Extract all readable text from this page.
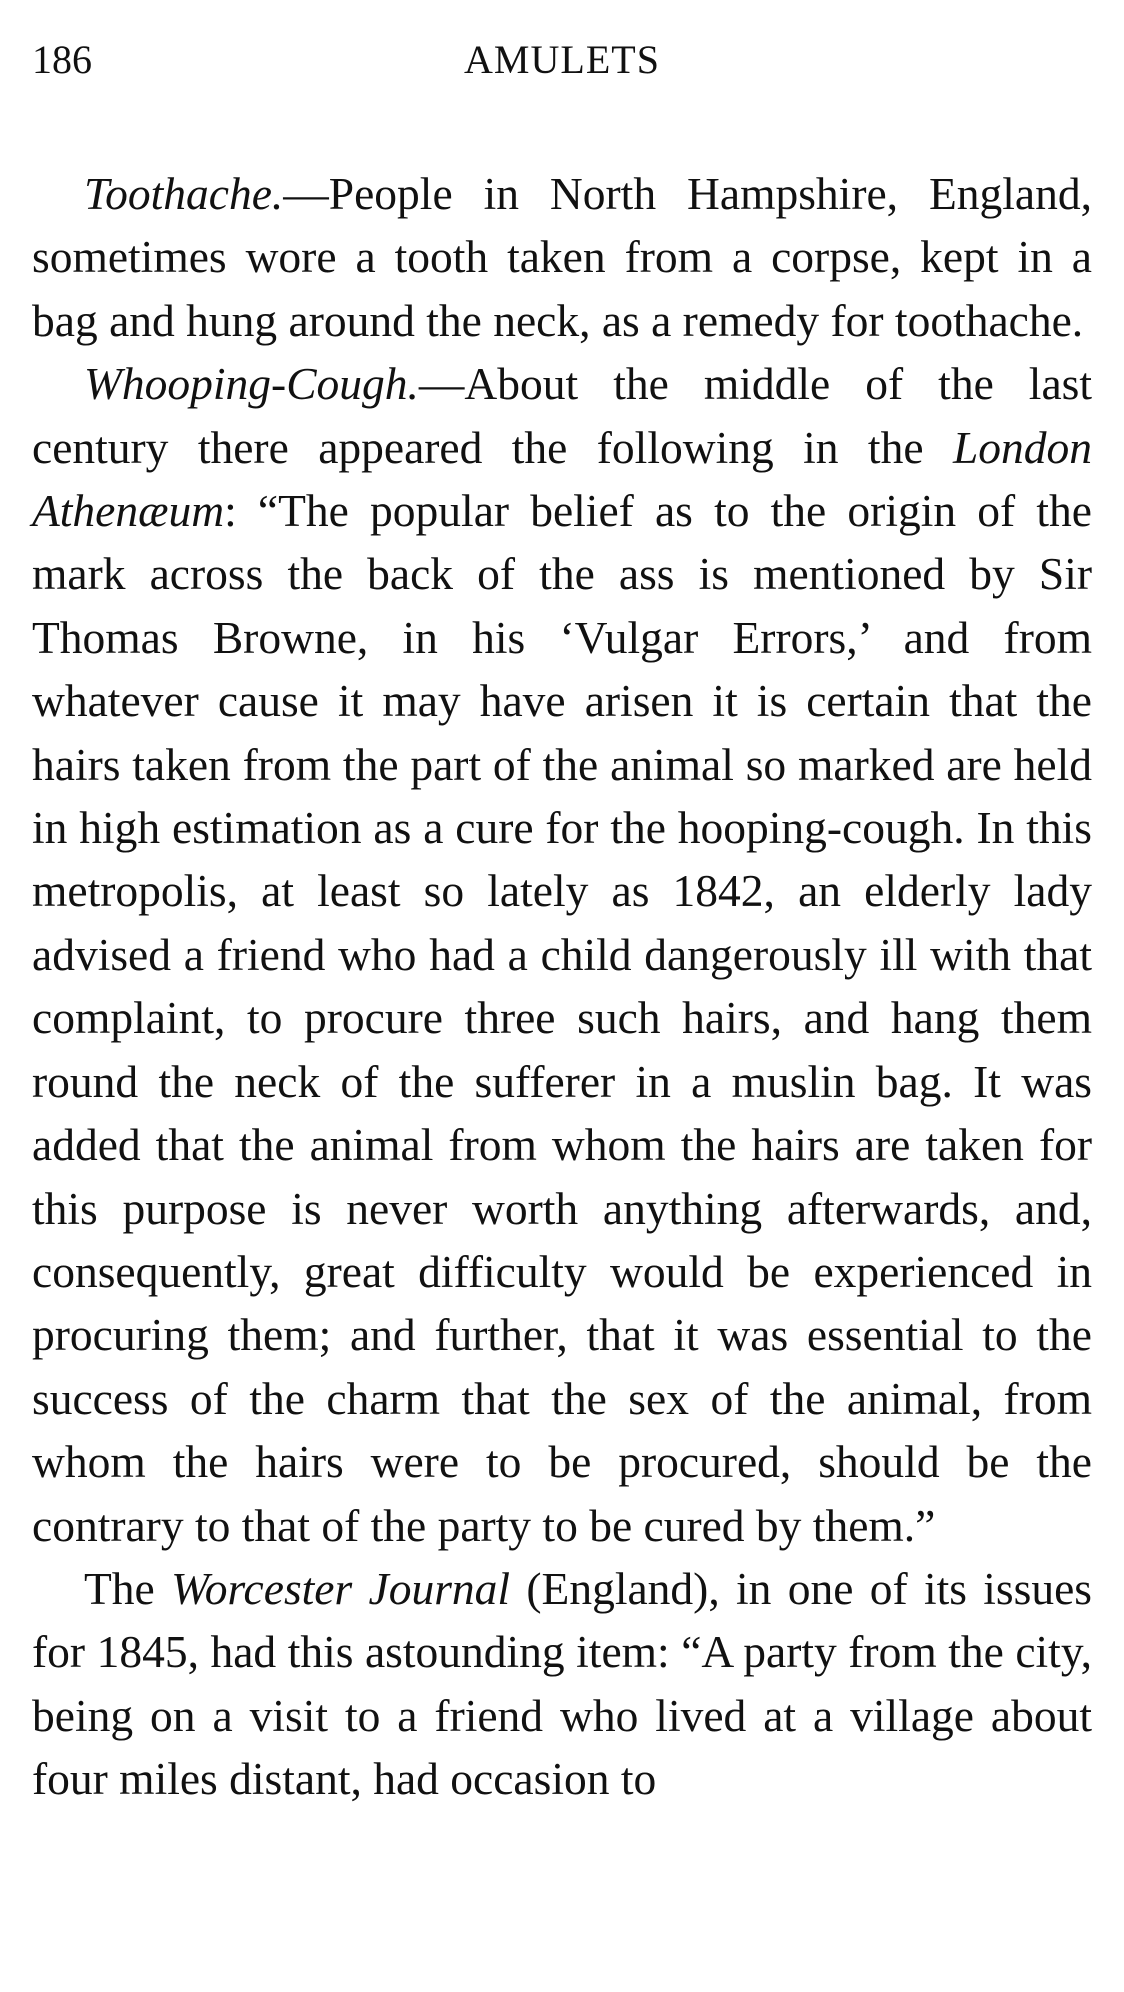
186	AMULETS

Toothache.—People in North Hampshire, England, sometimes wore a tooth taken from a corpse, kept in a bag and hung around the neck, as a remedy for toothache.

Whooping-Cough.—About the middle of the last century there appeared the following in the London Athenæum: “The popular belief as to the origin of the mark across the back of the ass is mentioned by Sir Thomas Browne, in his ‘Vulgar Errors,’ and from whatever cause it may have arisen it is certain that the hairs taken from the part of the animal so marked are held in high estimation as a cure for the hooping-cough. In this metropolis, at least so lately as 1842, an elderly lady advised a friend who had a child dangerously ill with that complaint, to procure three such hairs, and hang them round the neck of the sufferer in a muslin bag. It was added that the animal from whom the hairs are taken for this purpose is never worth anything afterwards, and, consequently, great difficulty would be experienced in procuring them; and further, that it was essential to the success of the charm that the sex of the animal, from whom the hairs were to be procured, should be the contrary to that of the party to be cured by them.”

The Worcester Journal (England), in one of its issues for 1845, had this astounding item: “A party from the city, being on a visit to a friend who lived at a village about four miles distant, had occasion to
